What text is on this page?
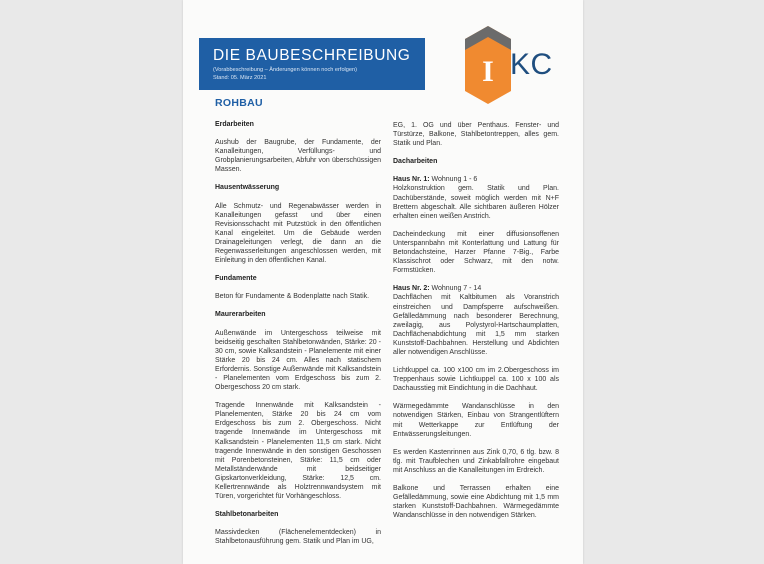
DIE BAUBESCHREIBUNG
(Vorabbeschreibung – Änderungen können noch erfolgen)
Stand: 05. März 2021	I KC
ROHBAU
Erdarbeiten
Aushub der Baugrube, der Fundamente, der Kanalleitungen, Verfüllungs- und Grobplanierungsarbeiten, Abfuhr von überschüssigen Massen.
Hausentwässerung
Alle Schmutz- und Regenabwässer werden in Kanalleitungen gefasst und über einen Revisionsschacht mit Putzstück in den öffentlichen Kanal eingeleitet. Um die Gebäude werden Drainageleitungen verlegt, die dann an die Regenwasserleitungen angeschlossen werden, mit Einleitung in den öffentlichen Kanal.
Fundamente
Beton für Fundamente & Bodenplatte nach Statik.
Maurerarbeiten
Außenwände im Untergeschoss teilweise mit beidseitig geschalten Stahlbetonwänden, Stärke: 20 - 30 cm, sowie Kalksandstein - Planelemente mit einer Stärke 20 bis 24 cm. Alles nach statischem Erfordernis. Sonstige Außenwände mit Kalksandstein - Planelementen vom Erdgeschoss bis zum 2. Obergeschoss 20 cm stark.
Tragende Innenwände mit Kalksandstein - Planelementen, Stärke 20 bis 24 cm vom Erdgeschoss bis zum 2. Obergeschoss. Nicht tragende Innenwände im Untergeschoss mit Kalksandstein - Planelementen 11,5 cm stark. Nicht tragende Innenwände in den sonstigen Geschossen mit Porenbetonsteinen, Stärke: 11,5 cm oder Metallständerwände mit beidseitiger Gipskartonverkleidung, Stärke: 12,5 cm. Kellertrennwände als Holztrennwandsystem mit Türen, vorgerichtet für Vorhängeschloss.
Stahlbetonarbeiten
Massivdecken (Flächenelementdecken) in Stahlbetonausführung gem. Statik und Plan im UG,
EG, 1. OG und über Penthaus. Fenster- und Türstürze, Balkone, Stahlbetontreppen, alles gem. Statik und Plan.
Dacharbeiten
Haus Nr. 1: Wohnung 1 - 6
Holzkonstruktion gem. Statik und Plan. Dachüberstände, soweit möglich werden mit N+F Brettern abgeschalt. Alle sichtbaren äußeren Hölzer erhalten einen weißen Anstrich.
Dacheindeckung mit einer diffusionsoffenen Unterspannbahn mit Konterlattung und Lattung für Betondachsteine, Harzer Pfanne 7-Big., Farbe Klassischrot oder Schwarz, mit den notw. Formstücken.
Haus Nr. 2: Wohnung 7 - 14
Dachflächen mit Kaltbitumen als Voranstrich einstreichen und Dampfsperre aufschweißen. Gefälledämmung nach besonderer Berechnung, zweilagig, aus Polystyrol-Hartschaumplatten, Dachflächenabdichtung mit 1,5 mm starken Kunststoff-Dachbahnen. Herstellung und Abdichten aller notwendigen Anschlüsse.
Lichtkuppel ca. 100 x100 cm im 2.Obergeschoss im Treppenhaus sowie Lichtkuppel ca. 100 x 100 als Dachausstieg mit Eindichtung in die Dachhaut.
Wärmegedämmte Wandanschlüsse in den notwendigen Stärken, Einbau von Strangentlüftern mit Wetterkappe zur Entlüftung der Entwässerungsleitungen.
Es werden Kastenrinnen aus Zink 0,70, 6 tlg. bzw. 8 tlg. mit Traufblechen und Zinkabfallrohre eingebaut mit Anschluss an die Kanalleitungen im Erdreich.
Balkone und Terrassen erhalten eine Gefälledämmung, sowie eine Abdichtung mit 1,5 mm starken Kunststoff-Dachbahnen. Wärmegedämmte Wandanschlüsse in den notwendigen Stärken.
